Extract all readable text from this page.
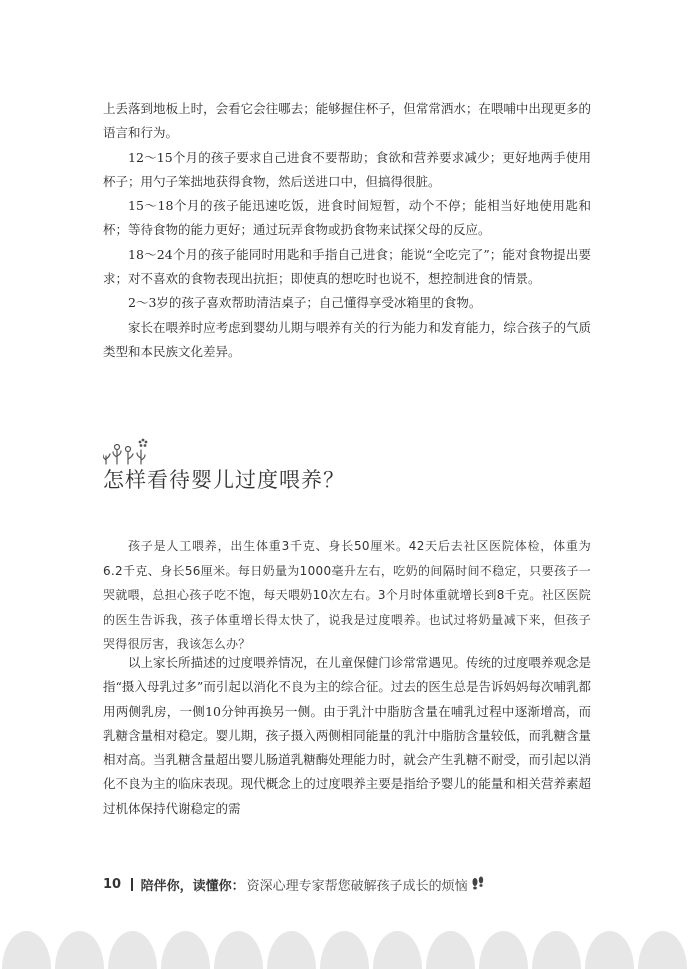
上丢落到地板上时，会看它会往哪去；能够握住杯子，但常常洒水；在喂哺中出现更多的语言和行为。

12～15个月的孩子要求自己进食不要帮助；食欲和营养要求减少；更好地两手使用杯子；用勺子笨拙地获得食物，然后送进口中，但搞得很脏。

15～18个月的孩子能迅速吃饭，进食时间短暂，动个不停；能相当好地使用匙和杯；等待食物的能力更好；通过玩弄食物或扔食物来试探父母的反应。

18～24个月的孩子能同时用匙和手指自己进食；能说“全吃完了”；能对食物提出要求；对不喜欢的食物表现出抗拒；即使真的想吃时也说不，想控制进食的情景。

2～3岁的孩子喜欢帮助清洁桌子；自己懂得享受冰箱里的食物。

家长在喂养时应考虑到婴幼儿期与喂养有关的行为能力和发育能力，综合孩子的气质类型和本民族文化差异。

怎样看待婴儿过度喂养？

孩子是人工喂养，出生体重3千克、身长50厘米。42天后去社区医院体检，体重为6.2千克、身长56厘米。每日奶量为1000毫升左右，吃奶的间隔时间不稳定，只要孩子一哭就喂，总担心孩子吃不饱，每天喂奶10次左右。3个月时体重就增长到8千克。社区医院的医生告诉我，孩子体重增长得太快了，说我是过度喂养。也试过将奶量减下来，但孩子哭得很厉害，我该怎么办？

以上家长所描述的过度喂养情况，在儿童保健门诊常常遇见。传统的过度喂养观念是指“摄入母乳过多”而引起以消化不良为主的综合征。过去的医生总是告诉妈妈每次哺乳都用两侧乳房，一侧10分钟再换另一侧。由于乳汁中脂肪含量在哺乳过程中逐渐增高，而乳糖含量相对稳定。婴儿期，孩子摄入两侧相同能量的乳汁中脂肪含量较低，而乳糖含量相对高。当乳糖含量超出婴儿肠道乳糖酶处理能力时，就会产生乳糖不耐受，而引起以消化不良为主的临床表现。现代概念上的过度喂养主要是指给予婴儿的能量和相关营养素超过机体保持代谢稳定的需

10 陪伴你，读懂你： 资深心理专家帮您破解孩子成长的烦恼
